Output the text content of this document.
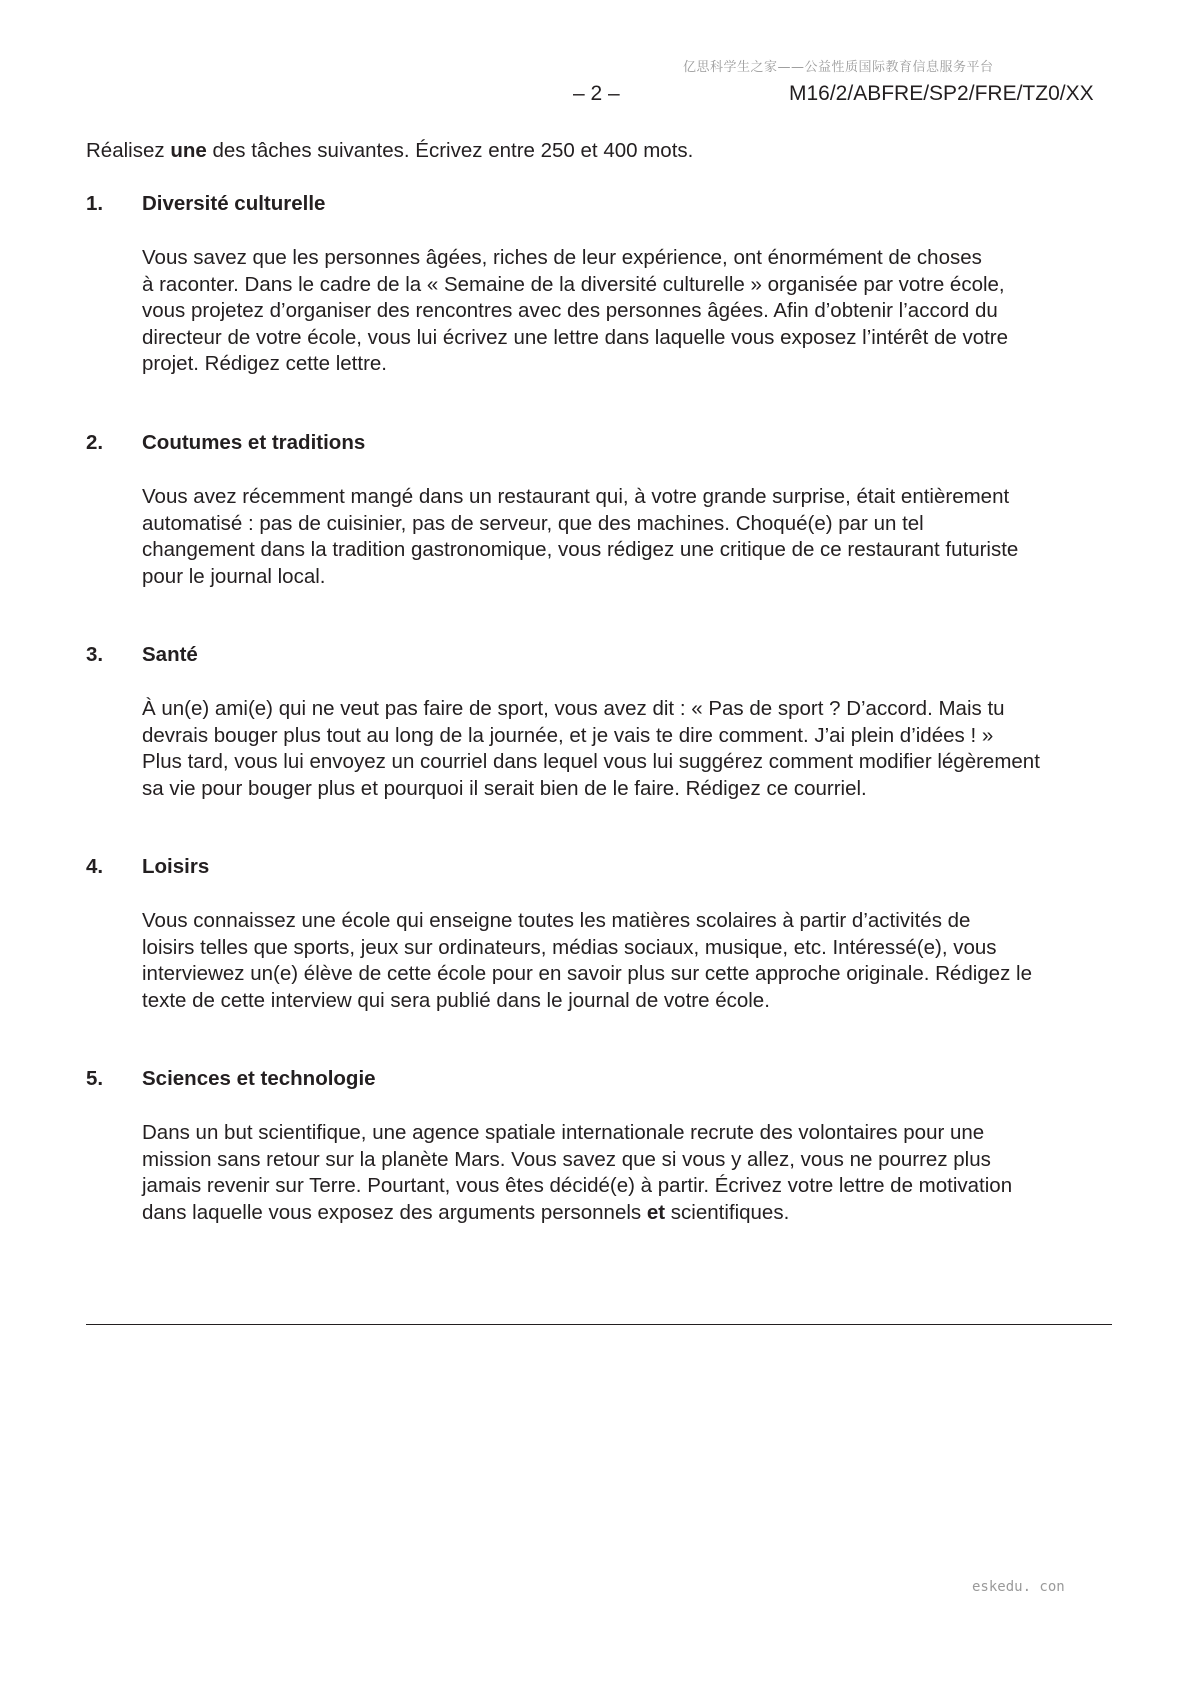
亿思科学生之家——公益性质国际教育信息服务平台
– 2 –	M16/2/ABFRE/SP2/FRE/TZ0/XX
Réalisez une des tâches suivantes. Écrivez entre 250 et 400 mots.
1. Diversité culturelle
Vous savez que les personnes âgées, riches de leur expérience, ont énormément de choses
à raconter. Dans le cadre de la « Semaine de la diversité culturelle » organisée par votre école,
vous projetez d’organiser des rencontres avec des personnes âgées. Afin d’obtenir l’accord du
directeur de votre école, vous lui écrivez une lettre dans laquelle vous exposez l’intérêt de votre
projet. Rédigez cette lettre.
2. Coutumes et traditions
Vous avez récemment mangé dans un restaurant qui, à votre grande surprise, était entièrement
automatisé : pas de cuisinier, pas de serveur, que des machines. Choqué(e) par un tel
changement dans la tradition gastronomique, vous rédigez une critique de ce restaurant futuriste
pour le journal local.
3. Santé
À un(e) ami(e) qui ne veut pas faire de sport, vous avez dit : « Pas de sport ? D’accord. Mais tu
devrais bouger plus tout au long de la journée, et je vais te dire comment. J’ai plein d’idées ! »
Plus tard, vous lui envoyez un courriel dans lequel vous lui suggérez comment modifier légèrement
sa vie pour bouger plus et pourquoi il serait bien de le faire. Rédigez ce courriel.
4. Loisirs
Vous connaissez une école qui enseigne toutes les matières scolaires à partir d’activités de
loisirs telles que sports, jeux sur ordinateurs, médias sociaux, musique, etc. Intéressé(e), vous
interviewez un(e) élève de cette école pour en savoir plus sur cette approche originale. Rédigez le
texte de cette interview qui sera publié dans le journal de votre école.
5. Sciences et technologie
Dans un but scientifique, une agence spatiale internationale recrute des volontaires pour une
mission sans retour sur la planète Mars. Vous savez que si vous y allez, vous ne pourrez plus
jamais revenir sur Terre. Pourtant, vous êtes décidé(e) à partir. Écrivez votre lettre de motivation
dans laquelle vous exposez des arguments personnels et scientifiques.
eskedu. con
